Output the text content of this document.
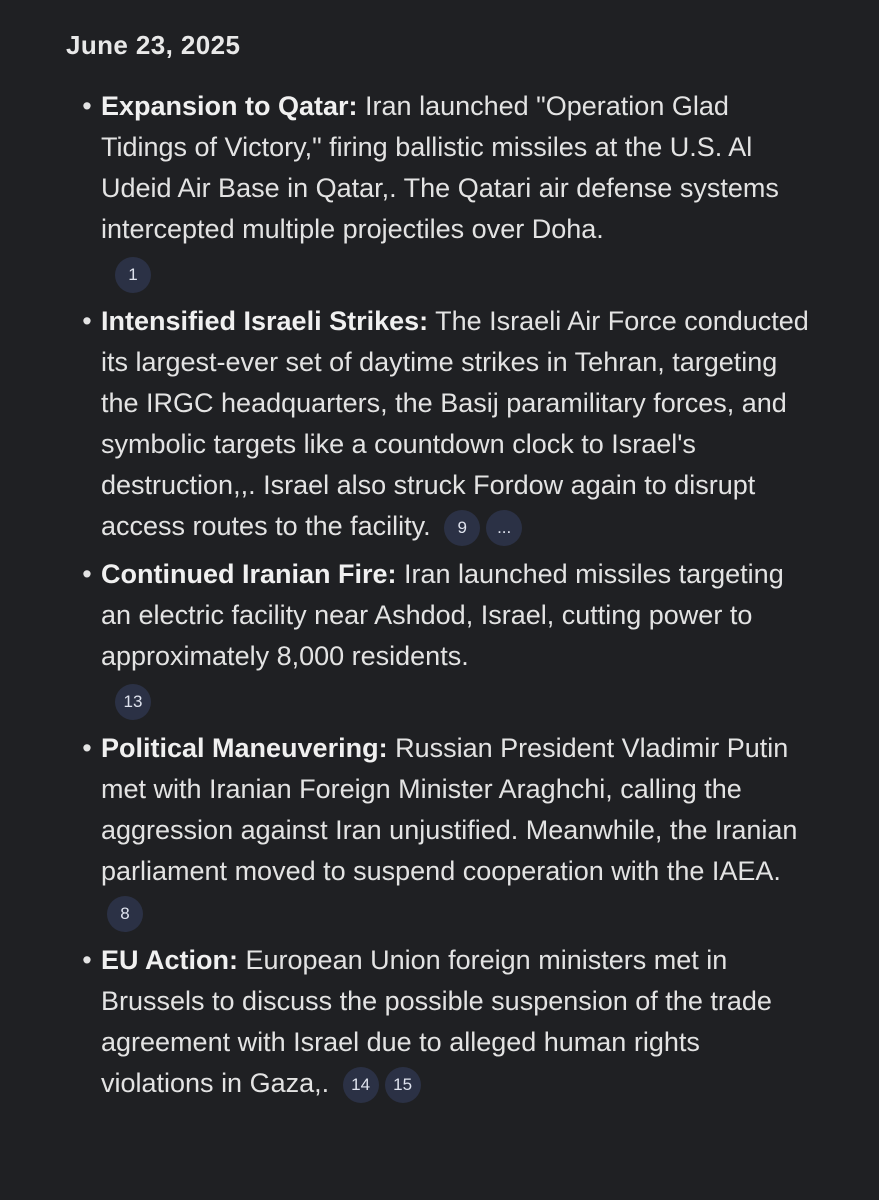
June 23, 2025
• Expansion to Qatar: Iran launched "Operation Glad Tidings of Victory," firing ballistic missiles at the U.S. Al Udeid Air Base in Qatar,. The Qatari air defense systems intercepted multiple projectiles over Doha.
1
• Intensified Israeli Strikes: The Israeli Air Force conducted its largest-ever set of daytime strikes in Tehran, targeting the IRGC headquarters, the Basij paramilitary forces, and symbolic targets like a countdown clock to Israel's destruction,,. Israel also struck Fordow again to disrupt access routes to the facility. 9 ...
• Continued Iranian Fire: Iran launched missiles targeting an electric facility near Ashdod, Israel, cutting power to approximately 8,000 residents.
13
• Political Maneuvering: Russian President Vladimir Putin met with Iranian Foreign Minister Araghchi, calling the aggression against Iran unjustified. Meanwhile, the Iranian parliament moved to suspend cooperation with the IAEA. 8
• EU Action: European Union foreign ministers met in Brussels to discuss the possible suspension of the trade agreement with Israel due to alleged human rights violations in Gaza,. 14 15
